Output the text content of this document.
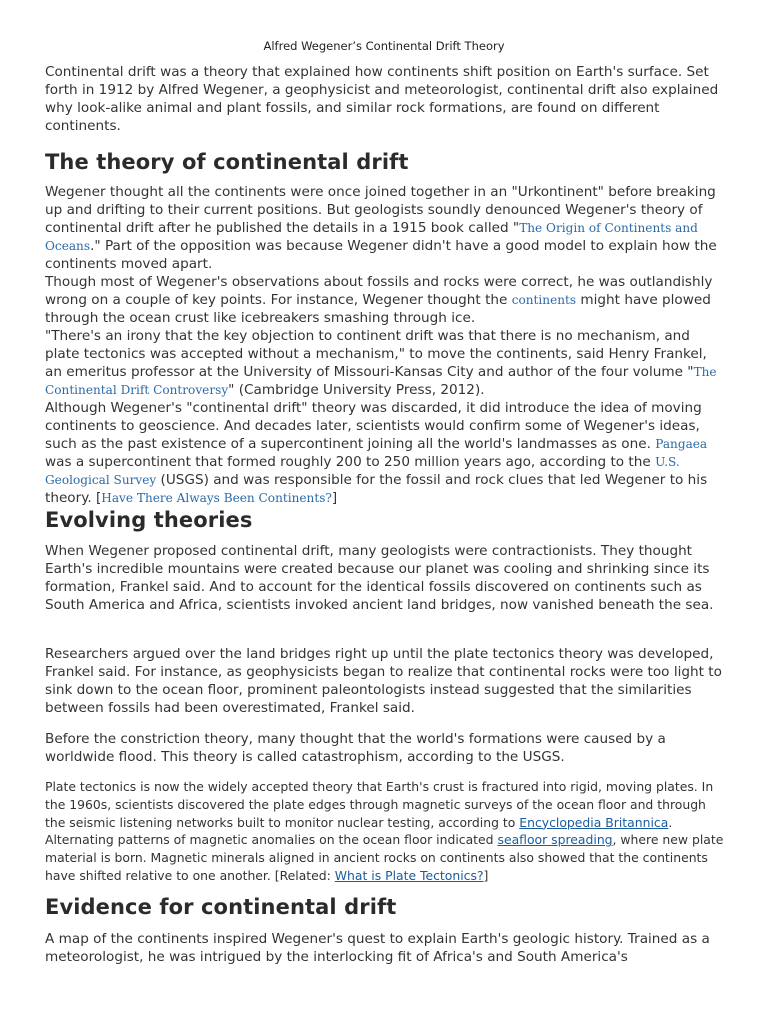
Alfred Wegener’s Continental Drift Theory

Continental drift was a theory that explained how continents shift position on Earth's surface. Set forth in 1912 by Alfred Wegener, a geophysicist and meteorologist, continental drift also explained why look-alike animal and plant fossils, and similar rock formations, are found on different continents.

The theory of continental drift

Wegener thought all the continents were once joined together in an "Urkontinent" before breaking up and drifting to their current positions. But geologists soundly denounced Wegener's theory of continental drift after he published the details in a 1915 book called "The Origin of Continents and Oceans." Part of the opposition was because Wegener didn't have a good model to explain how the continents moved apart.

Though most of Wegener's observations about fossils and rocks were correct, he was outlandishly wrong on a couple of key points. For instance, Wegener thought the continents might have plowed through the ocean crust like icebreakers smashing through ice.

"There's an irony that the key objection to continent drift was that there is no mechanism, and plate tectonics was accepted without a mechanism," to move the continents, said Henry Frankel, an emeritus professor at the University of Missouri-Kansas City and author of the four volume "The Continental Drift Controversy" (Cambridge University Press, 2012).

Although Wegener's "continental drift" theory was discarded, it did introduce the idea of moving continents to geoscience. And decades later, scientists would confirm some of Wegener's ideas, such as the past existence of a supercontinent joining all the world's landmasses as one. Pangaea was a supercontinent that formed roughly 200 to 250 million years ago, according to the U.S. Geological Survey (USGS) and was responsible for the fossil and rock clues that led Wegener to his theory. [Have There Always Been Continents?]

Evolving theories

When Wegener proposed continental drift, many geologists were contractionists. They thought Earth's incredible mountains were created because our planet was cooling and shrinking since its formation, Frankel said. And to account for the identical fossils discovered on continents such as South America and Africa, scientists invoked ancient land bridges, now vanished beneath the sea.

Researchers argued over the land bridges right up until the plate tectonics theory was developed, Frankel said. For instance, as geophysicists began to realize that continental rocks were too light to sink down to the ocean floor, prominent paleontologists instead suggested that the similarities between fossils had been overestimated, Frankel said.

Before the constriction theory, many thought that the world's formations were caused by a worldwide flood. This theory is called catastrophism, according to the USGS.

Plate tectonics is now the widely accepted theory that Earth's crust is fractured into rigid, moving plates. In the 1960s, scientists discovered the plate edges through magnetic surveys of the ocean floor and through the seismic listening networks built to monitor nuclear testing, according to Encyclopedia Britannica. Alternating patterns of magnetic anomalies on the ocean floor indicated seafloor spreading, where new plate material is born. Magnetic minerals aligned in ancient rocks on continents also showed that the continents have shifted relative to one another. [Related: What is Plate Tectonics?]

Evidence for continental drift

A map of the continents inspired Wegener's quest to explain Earth's geologic history. Trained as a meteorologist, he was intrigued by the interlocking fit of Africa's and South America's
